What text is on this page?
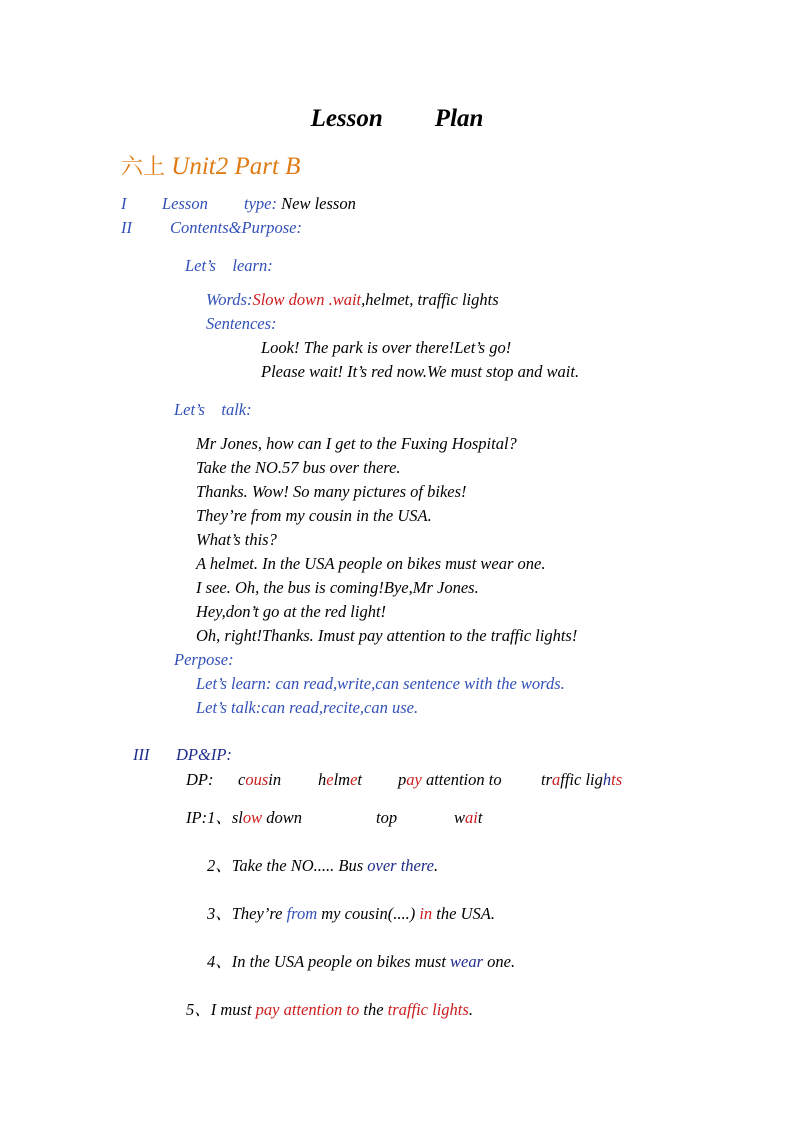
Lesson Plan
六上 Unit2 Part B
I Lesson type: New lesson
II Contents&Purpose:
Let’s    learn:
Words:Slow down .wait,helmet, traffic lights
Sentences:
Look! The park is over there!Let’s go!
Please wait! It’s red now.We must stop and wait.
Let’s    talk:
Mr Jones, how can I get to the Fuxing Hospital?
Take the NO.57 bus over there.
Thanks. Wow! So many pictures of bikes!
They’re from my cousin in the USA.
What’s this?
A helmet. In the USA people on bikes must wear one.
I see. Oh, the bus is coming!Bye,Mr Jones.
Hey,don’t go at the red light!
Oh, right!Thanks. Imust pay attention to the traffic lights!
Perpose:
Let’s learn: can read,write,can sentence with the words.
Let’s talk:can read,recite,can use.
III DP&IP:
DP: cousin helmet pay attention to traffic lights
IP:1、slow down	top	wait
2、Take the NO..... Bus over there.
3、They’re from my cousin(....) in the USA.
4、In the USA people on bikes must wear one.
5、I must pay attention to the traffic lights.
